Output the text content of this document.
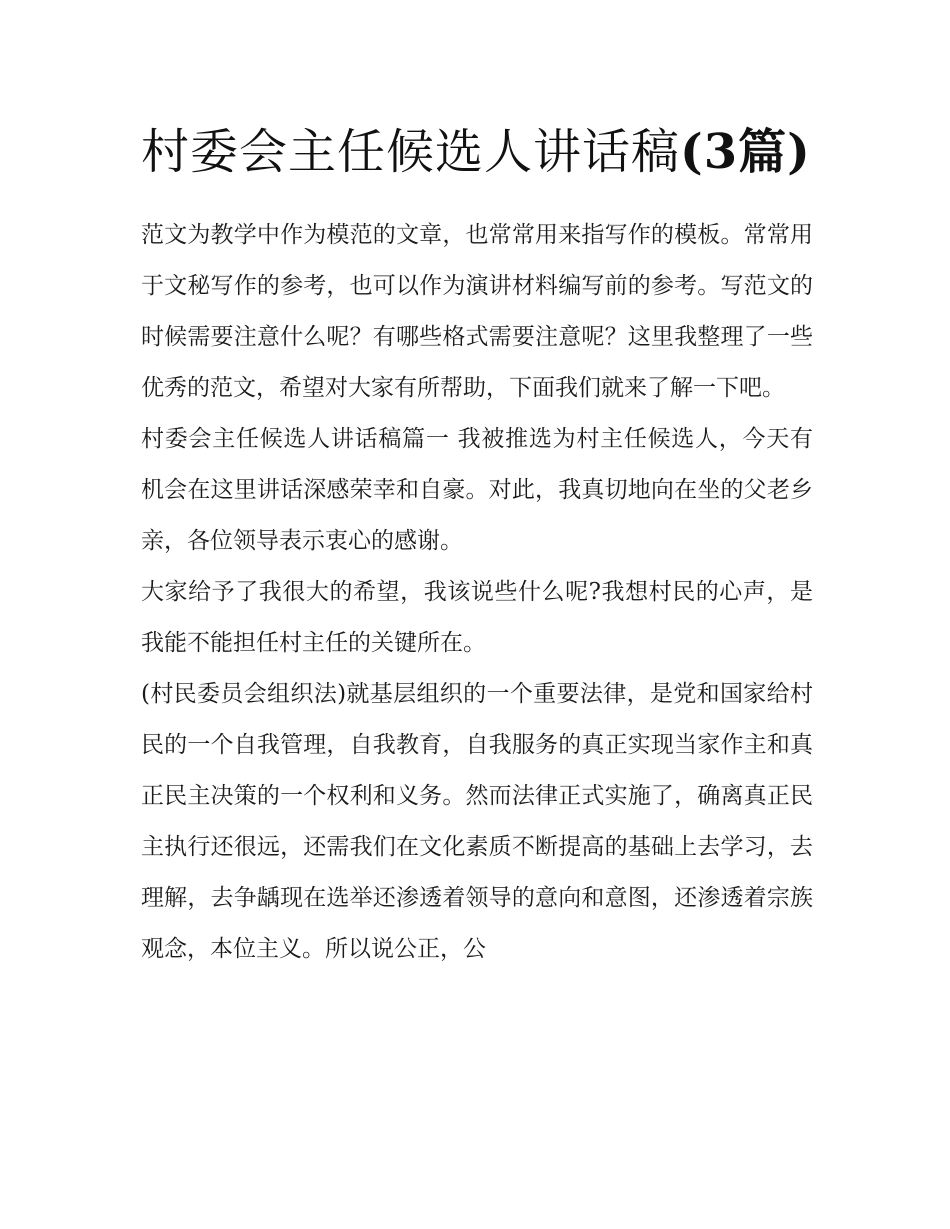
村委会主任候选人讲话稿(3篇)

范文为教学中作为模范的文章，也常常用来指写作的模板。常常用于文秘写作的参考，也可以作为演讲材料编写前的参考。写范文的时候需要注意什么呢？有哪些格式需要注意呢？这里我整理了一些优秀的范文，希望对大家有所帮助，下面我们就来了解一下吧。

村委会主任候选人讲话稿篇一 我被推选为村主任候选人，今天有机会在这里讲话深感荣幸和自豪。对此，我真切地向在坐的父老乡亲，各位领导表示衷心的感谢。

大家给予了我很大的希望，我该说些什么呢?我想村民的心声，是我能不能担任村主任的关键所在。

(村民委员会组织法)就基层组织的一个重要法律，是党和国家给村民的一个自我管理，自我教育，自我服务的真正实现当家作主和真正民主决策的一个权利和义务。然而法律正式实施了，确离真正民主执行还很远，还需我们在文化素质不断提高的基础上去学习，去理解，去争龋现在选举还渗透着领导的意向和意图，还渗透着宗族观念，本位主义。所以说公正，公
